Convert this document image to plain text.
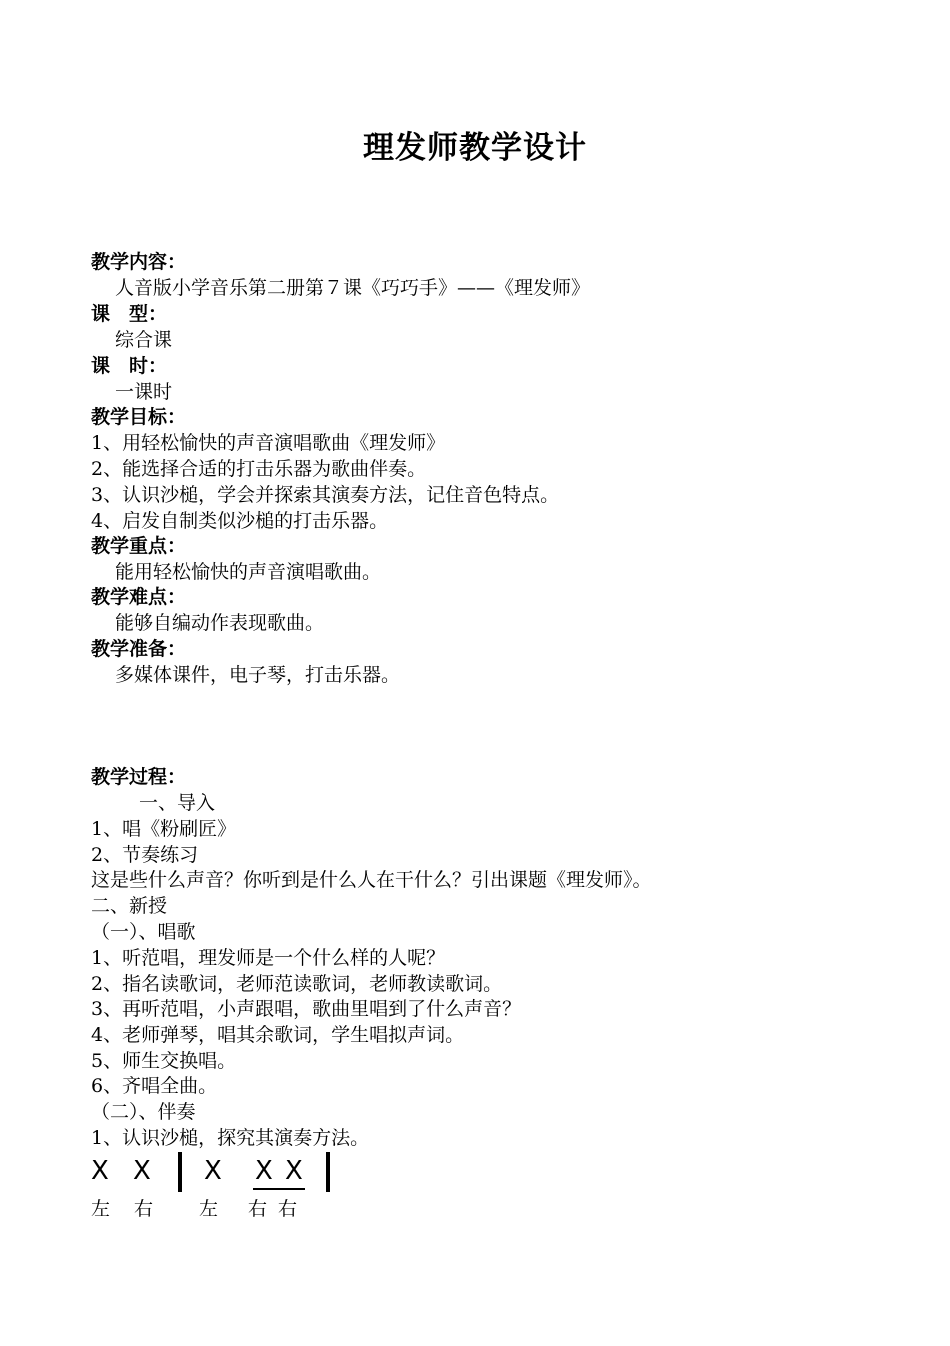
理发师教学设计
教学内容：
人音版小学音乐第二册第７课《巧巧手》——《理发师》
课　型：
综合课
课　时：
一课时
教学目标：
1、用轻松愉快的声音演唱歌曲《理发师》
2、能选择合适的打击乐器为歌曲伴奏。
3、认识沙槌，学会并探索其演奏方法，记住音色特点。
4、启发自制类似沙槌的打击乐器。
教学重点：
能用轻松愉快的声音演唱歌曲。
教学难点：
能够自编动作表现歌曲。
教学准备：
多媒体课件，电子琴，打击乐器。
教学过程：
一、导入
1、唱《粉刷匠》
2、节奏练习
这是些什么声音？你听到是什么人在干什么？引出课题《理发师》。
二、新授
（一）、唱歌
1、听范唱，理发师是一个什么样的人呢？
2、指名读歌词，老师范读歌词，老师教读歌词。
3、再听范唱，小声跟唱，歌曲里唱到了什么声音？
4、老师弹琴，唱其余歌词，学生唱拟声词。
5、师生交换唱。
6、齐唱全曲。
（二）、伴奏
1、认识沙槌，探究其演奏方法。
X X X X X
左 右 左 右 右
